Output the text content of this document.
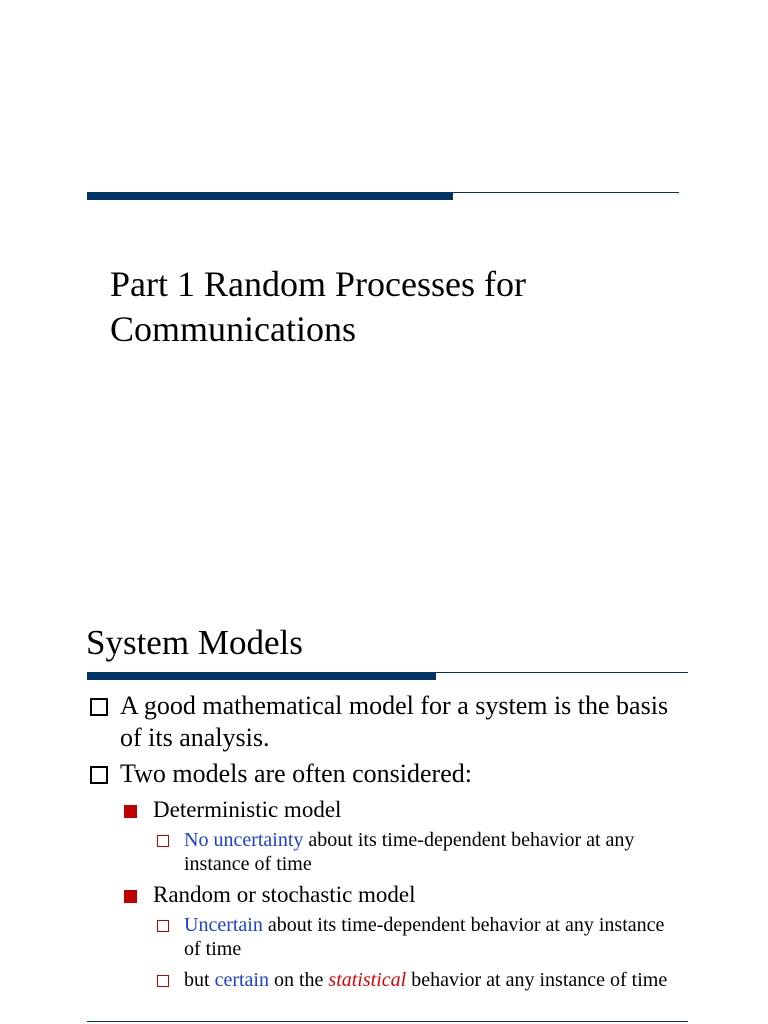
Part 1 Random Processes for Communications
System Models
A good mathematical model for a system is the basis of its analysis.
Two models are often considered:
Deterministic model
No uncertainty about its time-dependent behavior at any instance of time
Random or stochastic model
Uncertain about its time-dependent behavior at any instance of time
but certain on the statistical behavior at any instance of time
